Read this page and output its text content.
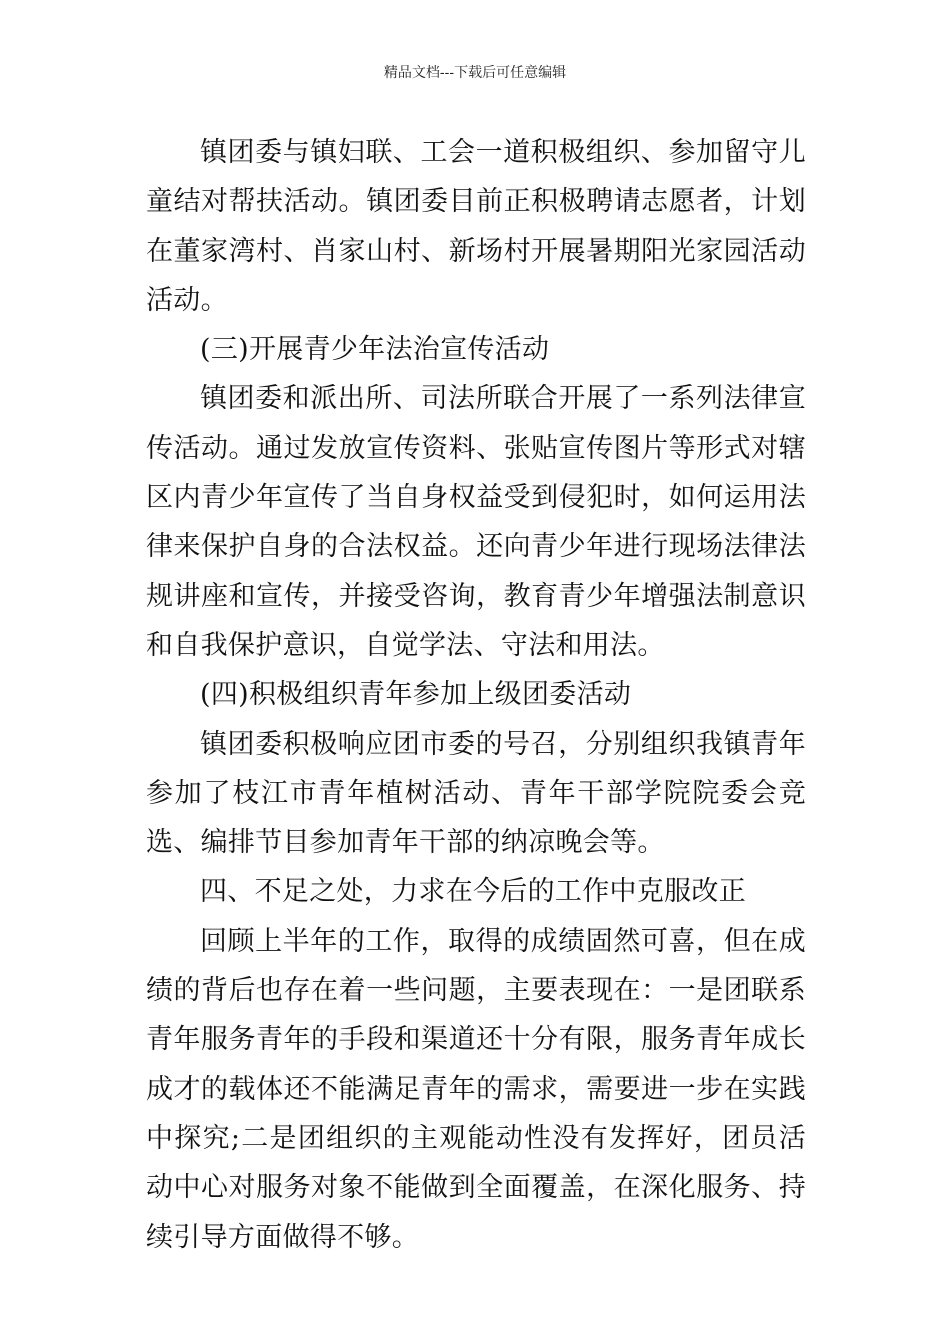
精品文档---下载后可任意编辑

镇团委与镇妇联、工会一道积极组织、参加留守儿童结对帮扶活动。镇团委目前正积极聘请志愿者，计划在董家湾村、肖家山村、新场村开展暑期阳光家园活动活动。

(三)开展青少年法治宣传活动

镇团委和派出所、司法所联合开展了一系列法律宣传活动。通过发放宣传资料、张贴宣传图片等形式对辖区内青少年宣传了当自身权益受到侵犯时，如何运用法律来保护自身的合法权益。还向青少年进行现场法律法规讲座和宣传，并接受咨询，教育青少年增强法制意识和自我保护意识，自觉学法、守法和用法。

(四)积极组织青年参加上级团委活动

镇团委积极响应团市委的号召，分别组织我镇青年参加了枝江市青年植树活动、青年干部学院院委会竞选、编排节目参加青年干部的纳凉晚会等。

四、不足之处，力求在今后的工作中克服改正

回顾上半年的工作，取得的成绩固然可喜，但在成绩的背后也存在着一些问题，主要表现在：一是团联系青年服务青年的手段和渠道还十分有限，服务青年成长成才的载体还不能满足青年的需求，需要进一步在实践中探究;二是团组织的主观能动性没有发挥好，团员活动中心对服务对象不能做到全面覆盖，在深化服务、持续引导方面做得不够。
